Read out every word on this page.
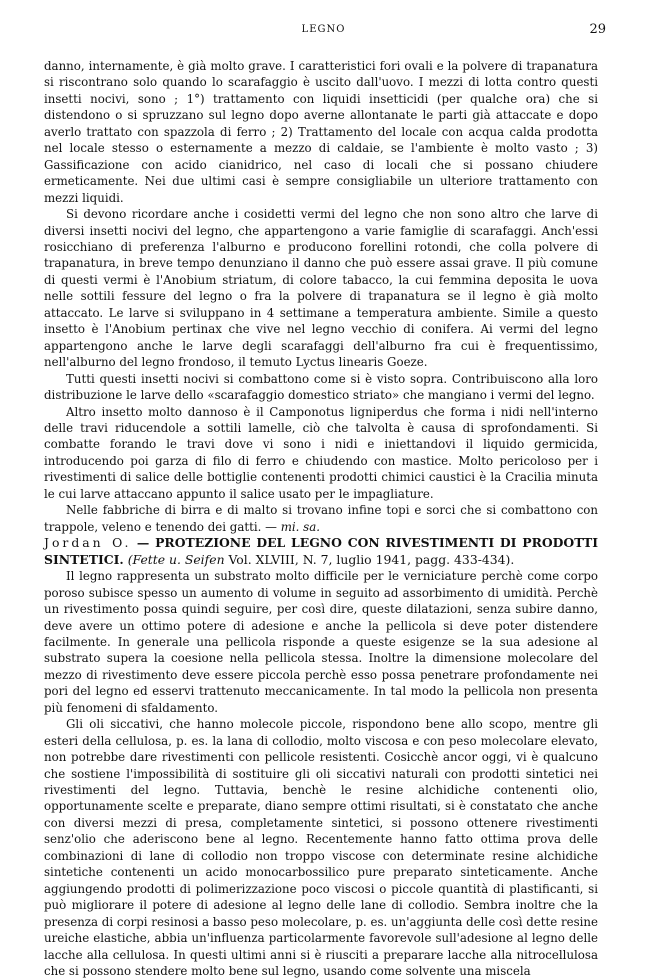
LEGNO	29

danno, internamente, è già molto grave. I caratteristici fori ovali e la polvere di trapanatura si riscontrano solo quando lo scarafaggio è uscito dall'uovo. I mezzi di lotta contro questi insetti nocivi, sono ; 1°) trattamento con liquidi insetticidi (per qualche ora) che si distendono o si spruzzano sul legno dopo averne allontanate le parti già attaccate e dopo averlo trattato con spazzola di ferro ; 2) Trattamento del locale con acqua calda prodotta nel locale stesso o esternamente a mezzo di caldaie, se l'ambiente è molto vasto ; 3) Gassificazione con acido cianidrico, nel caso di locali che si possano chiudere ermeticamente. Nei due ultimi casi è sempre consigliabile un ulteriore trattamento con mezzi liquidi.

Si devono ricordare anche i cosidetti vermi del legno che non sono altro che larve di diversi insetti nocivi del legno, che appartengono a varie famiglie di scarafaggi. Anch'essi rosicchiano di preferenza l'alburno e producono forellini rotondi, che colla polvere di trapanatura, in breve tempo denunziano il danno che può essere assai grave. Il più comune di questi vermi è l'Anobium striatum, di colore tabacco, la cui femmina deposita le uova nelle sottili fessure del legno o fra la polvere di trapanatura se il legno è già molto attaccato. Le larve si sviluppano in 4 settimane a temperatura ambiente. Simile a questo insetto è l'Anobium pertinax che vive nel legno vecchio di conifera. Ai vermi del legno appartengono anche le larve degli scarafaggi dell'alburno fra cui è frequentissimo, nell'alburno del legno frondoso, il temuto Lyctus linearis Goeze.

Tutti questi insetti nocivi si combattono come si è visto sopra. Contribuiscono alla loro distribuzione le larve dello «scarafaggio domestico striato» che mangiano i vermi del legno.

Altro insetto molto dannoso è il Camponotus ligniperdus che forma i nidi nell'interno delle travi riducendole a sottili lamelle, ciò che talvolta è causa di sprofondamenti. Si combatte forando le travi dove vi sono i nidi e iniettandovi il liquido germicida, introducendo poi garza di filo di ferro e chiudendo con mastice. Molto pericoloso per i rivestimenti di salice delle bottiglie contenenti prodotti chimici caustici è la Cracilia minuta le cui larve attaccano appunto il salice usato per le impagliature.

Nelle fabbriche di birra e di malto si trovano infine topi e sorci che si combattono con trappole, veleno e tenendo dei gatti. — mi. sa.

Jordan O. — PROTEZIONE DEL LEGNO CON RIVESTIMENTI DI PRODOTTI SINTETICI. (Fette u. Seifen Vol. XLVIII, N. 7, luglio 1941, pagg. 433-434).

Il legno rappresenta un substrato molto difficile per le verniciature perchè come corpo poroso subisce spesso un aumento di volume in seguito ad assorbimento di umidità. Perchè un rivestimento possa quindi seguire, per così dire, queste dilatazioni, senza subire danno, deve avere un ottimo potere di adesione e anche la pellicola si deve poter distendere facilmente. In generale una pellicola risponde a queste esigenze se la sua adesione al substrato supera la coesione nella pellicola stessa. Inoltre la dimensione molecolare del mezzo di rivestimento deve essere piccola perchè esso possa penetrare profondamente nei pori del legno ed esservi trattenuto meccanicamente. In tal modo la pellicola non presenta più fenomeni di sfaldamento.

Gli oli siccativi, che hanno molecole piccole, rispondono bene allo scopo, mentre gli esteri della cellulosa, p. es. la lana di collodio, molto viscosa e con peso molecolare elevato, non potrebbe dare rivestimenti con pellicole resistenti. Cosicchè ancor oggi, vi è qualcuno che sostiene l'impossibilità di sostituire gli oli siccativi naturali con prodotti sintetici nei rivestimenti del legno. Tuttavia, benchè le resine alchidiche contenenti olio, opportunamente scelte e preparate, diano sempre ottimi risultati, si è constatato che anche con diversi mezzi di presa, completamente sintetici, si possono ottenere rivestimenti senz'olio che aderiscono bene al legno. Recentemente hanno fatto ottima prova delle combinazioni di lane di collodio non troppo viscose con determinate resine alchidiche sintetiche contenenti un acido monocarbossilico pure preparato sinteticamente. Anche aggiungendo prodotti di polimerizzazione poco viscosi o piccole quantità di plastificanti, si può migliorare il potere di adesione al legno delle lane di collodio. Sembra inoltre che la presenza di corpi resinosi a basso peso molecolare, p. es. un'aggiunta delle così dette resine ureiche elastiche, abbia un'influenza particolarmente favorevole sull'adesione al legno delle lacche alla cellulosa. In questi ultimi anni si è riusciti a preparare lacche alla nitrocellulosa che si possono stendere molto bene sul legno, usando come solvente una miscela
